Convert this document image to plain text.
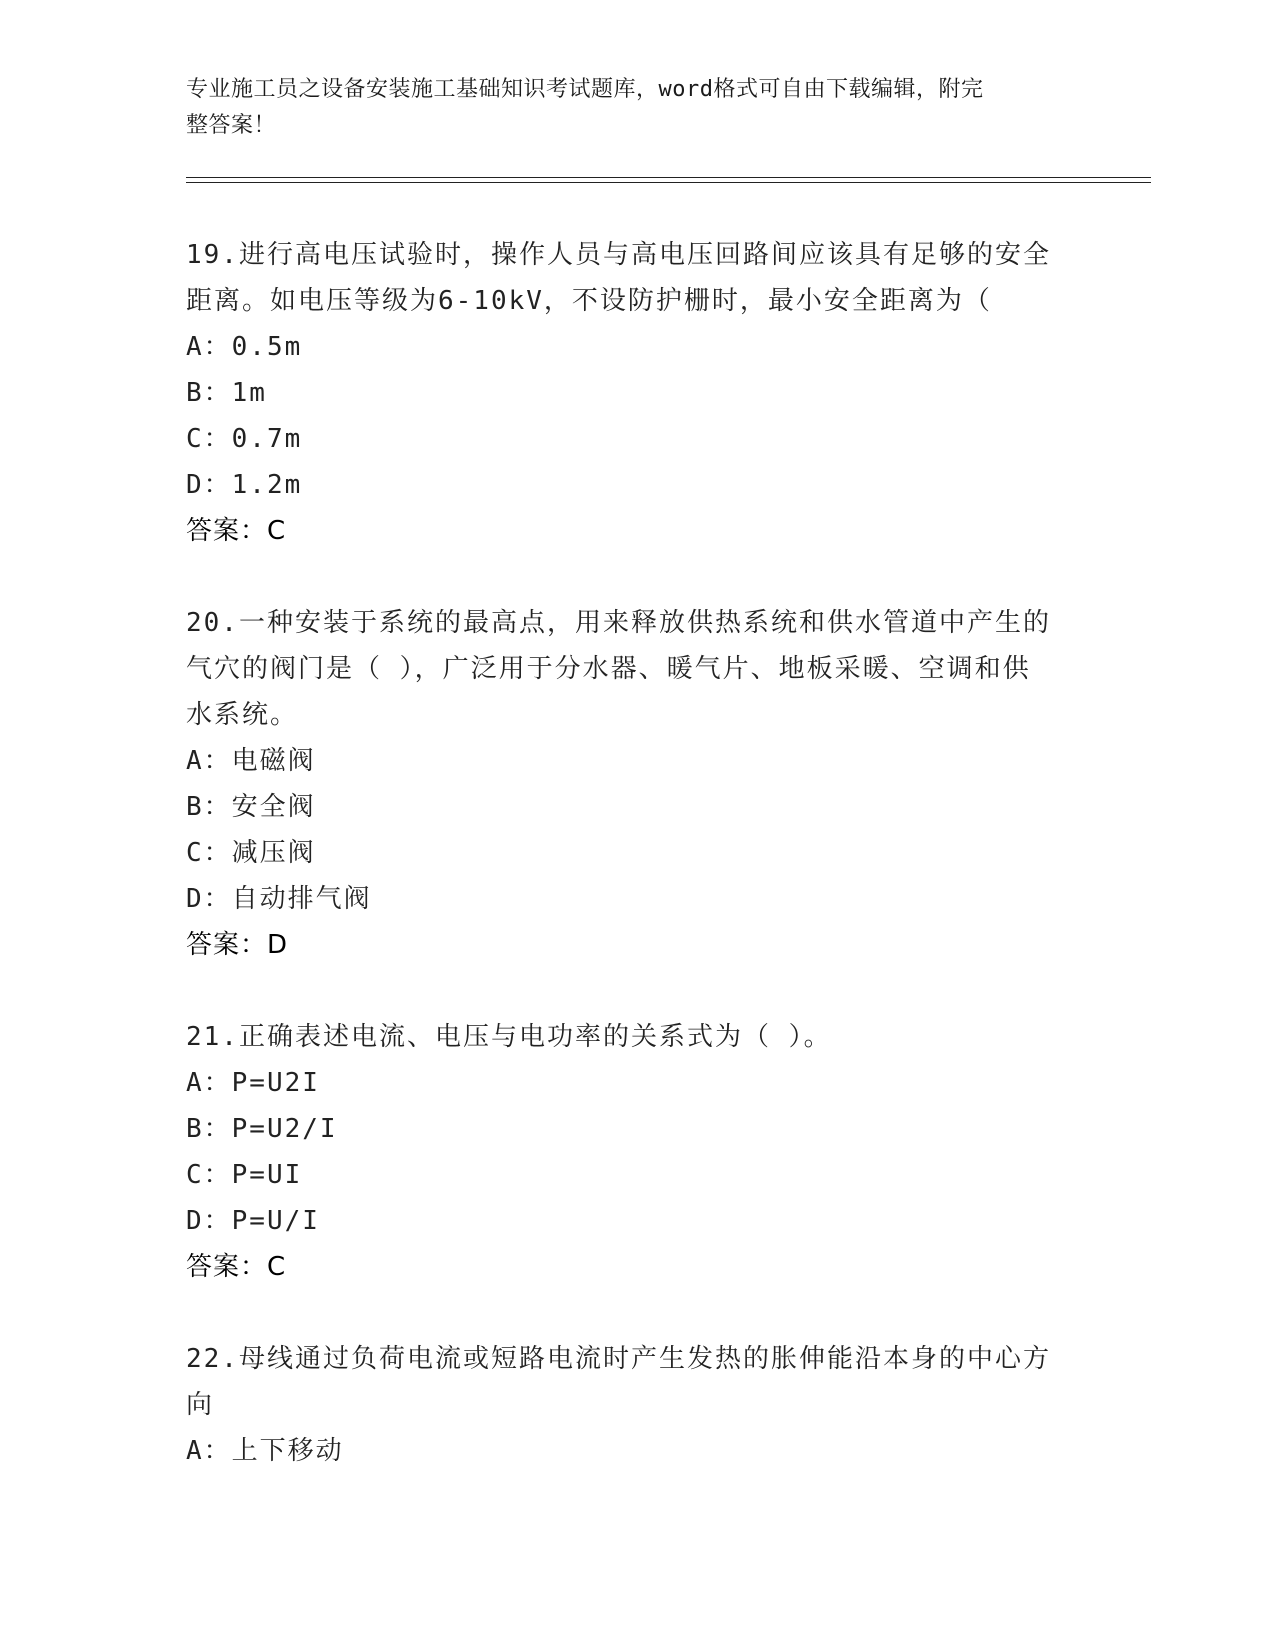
专业施工员之设备安装施工基础知识考试题库，word格式可自由下载编辑，附完
整答案！
19.进行高电压试验时，操作人员与高电压回路间应该具有足够的安全
距离。如电压等级为6-10kV，不设防护栅时，最小安全距离为（
A：0.5m
B：1m
C：0.7m
D：1.2m
答案：C
20.一种安装于系统的最高点，用来释放供热系统和供水管道中产生的
气穴的阀门是（ ），广泛用于分水器、暖气片、地板采暖、空调和供
水系统。
A：电磁阀
B：安全阀
C：减压阀
D：自动排气阀
答案：D
21.正确表述电流、电压与电功率的关系式为（ ）。
A：P=U2I
B：P=U2/I
C：P=UI
D：P=U/I
答案：C
22.母线通过负荷电流或短路电流时产生发热的胀伸能沿本身的中心方
向
A：上下移动
